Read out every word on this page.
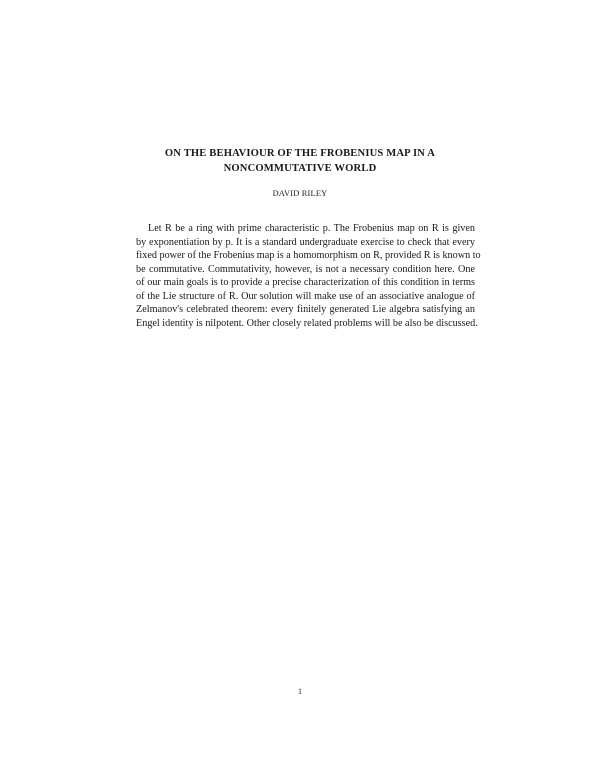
ON THE BEHAVIOUR OF THE FROBENIUS MAP IN A
NONCOMMUTATIVE WORLD
DAVID RILEY
Let R be a ring with prime characteristic p. The Frobenius map on R is given
by exponentiation by p. It is a standard undergraduate exercise to check that every
fixed power of the Frobenius map is a homomorphism on R, provided R is known to
be commutative. Commutativity, however, is not a necessary condition here. One
of our main goals is to provide a precise characterization of this condition in terms
of the Lie structure of R. Our solution will make use of an associative analogue of
Zelmanov's celebrated theorem: every finitely generated Lie algebra satisfying an
Engel identity is nilpotent. Other closely related problems will be also be discussed.
1
